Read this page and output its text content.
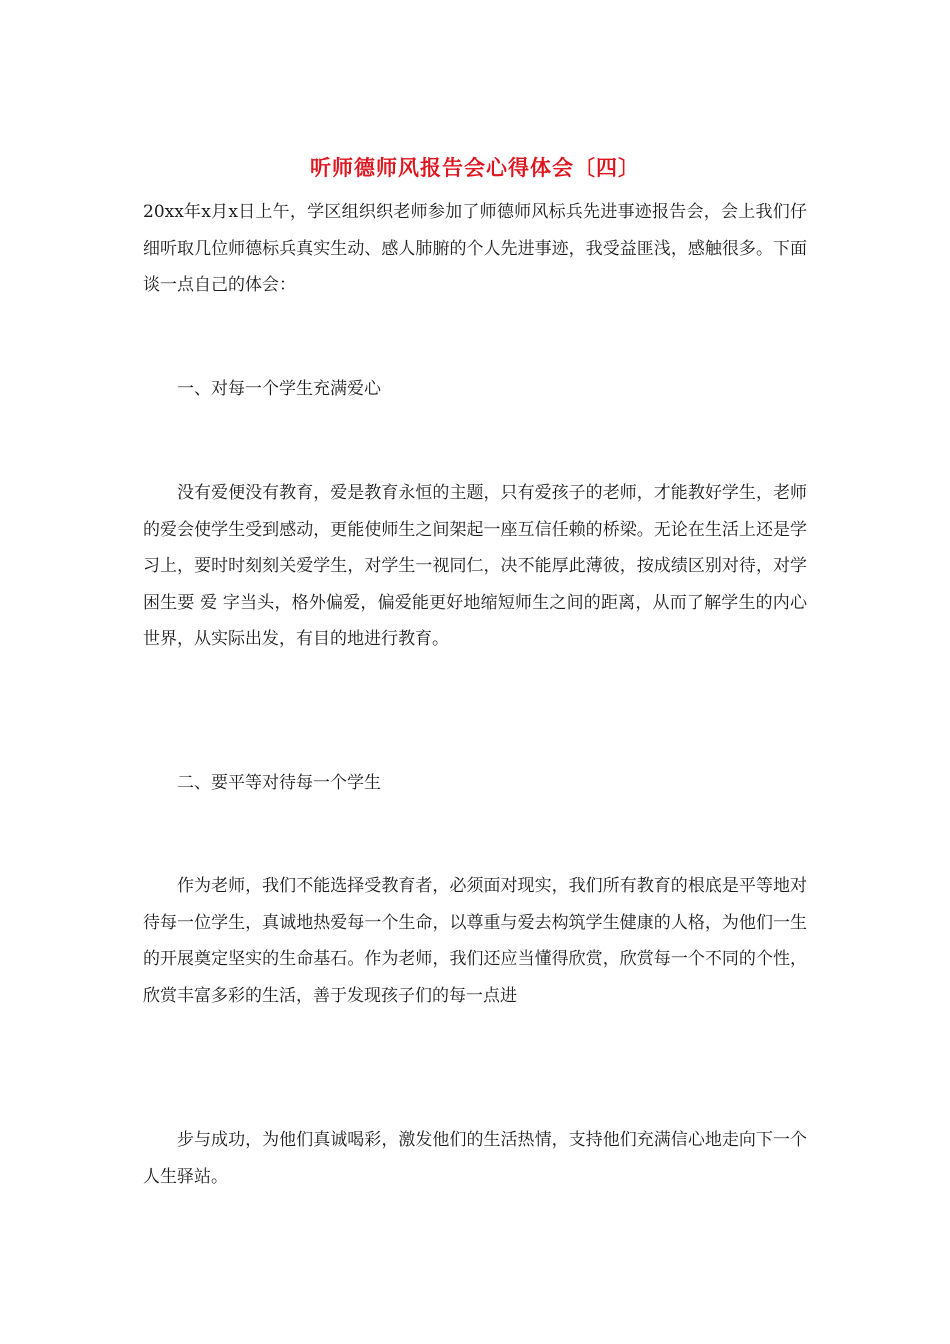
听师德师风报告会心得体会〔四〕

20xx年x月x日上午，学区组织织老师参加了师德师风标兵先进事迹报告会，会上我们仔细听取几位师德标兵真实生动、感人肺腑的个人先进事迹，我受益匪浅，感触很多。下面谈一点自己的体会：

一、对每一个学生充满爱心

没有爱便没有教育，爱是教育永恒的主题，只有爱孩子的老师，才能教好学生，老师的爱会使学生受到感动，更能使师生之间架起一座互信任赖的桥梁。无论在生活上还是学习上，要时时刻刻关爱学生，对学生一视同仁，决不能厚此薄彼，按成绩区别对待，对学困生要 爱 字当头，格外偏爱，偏爱能更好地缩短师生之间的距离，从而了解学生的内心世界，从实际出发，有目的地进行教育。

二、要平等对待每一个学生

作为老师，我们不能选择受教育者，必须面对现实，我们所有教育的根底是平等地对待每一位学生，真诚地热爱每一个生命，以尊重与爱去构筑学生健康的人格，为他们一生的开展奠定坚实的生命基石。作为老师，我们还应当懂得欣赏，欣赏每一个不同的个性，欣赏丰富多彩的生活，善于发现孩子们的每一点进

步与成功，为他们真诚喝彩，激发他们的生活热情，支持他们充满信心地走向下一个人生驿站。
